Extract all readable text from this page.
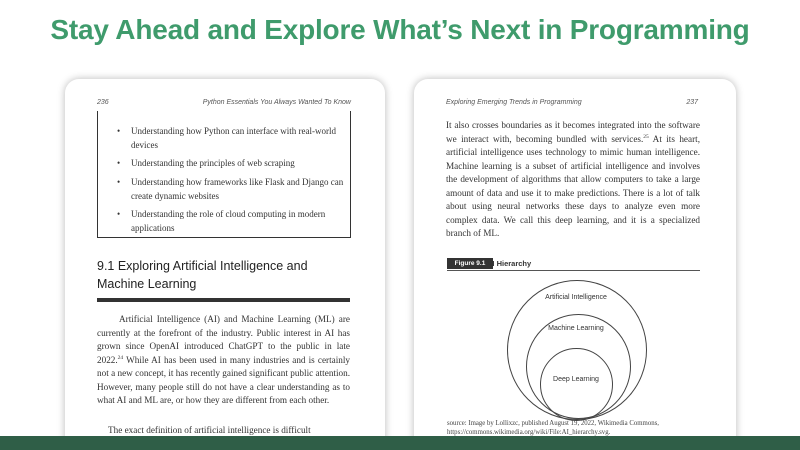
Stay Ahead and Explore What’s Next in Programming
236	Python Essentials You Always Wanted To Know
• Understanding how Python can interface with real-world devices
• Understanding the principles of web scraping
• Understanding how frameworks like Flask and Django can create dynamic websites
• Understanding the role of cloud computing in modern applications
9.1 Exploring Artificial Intelligence and Machine Learning
Artificial Intelligence (AI) and Machine Learning (ML) are currently at the forefront of the industry. Public interest in AI has grown since OpenAI introduced ChatGPT to the public in late 2022.24 While AI has been used in many industries and is certainly not a new concept, it has recently gained significant public attention. However, many people still do not have a clear understanding as to what AI and ML are, or how they are different from each other.
The exact definition of artificial intelligence is difficult
Exploring Emerging Trends in Programming	237
It also crosses boundaries as it becomes integrated into the software we interact with, becoming bundled with services.$^{25}$ At its heart, artificial intelligence uses technology to mimic human intelligence. Machine learning is a subset of artificial intelligence and involves the development of algorithms that allow computers to take a large amount of data and use it to make predictions. There is a lot of talk about using neural networks these days to analyze even more complex data. We call this deep learning, and it is a specialized branch of ML.
Figure 9.1 AI Hierarchy
Artificial Intelligence
Machine Learning
Deep Learning
source: Image by Lollixzc, published August 19, 2022, Wikimedia Commons, https://commons.wikimedia.org/wiki/File:AI_hierarchy.svg.
